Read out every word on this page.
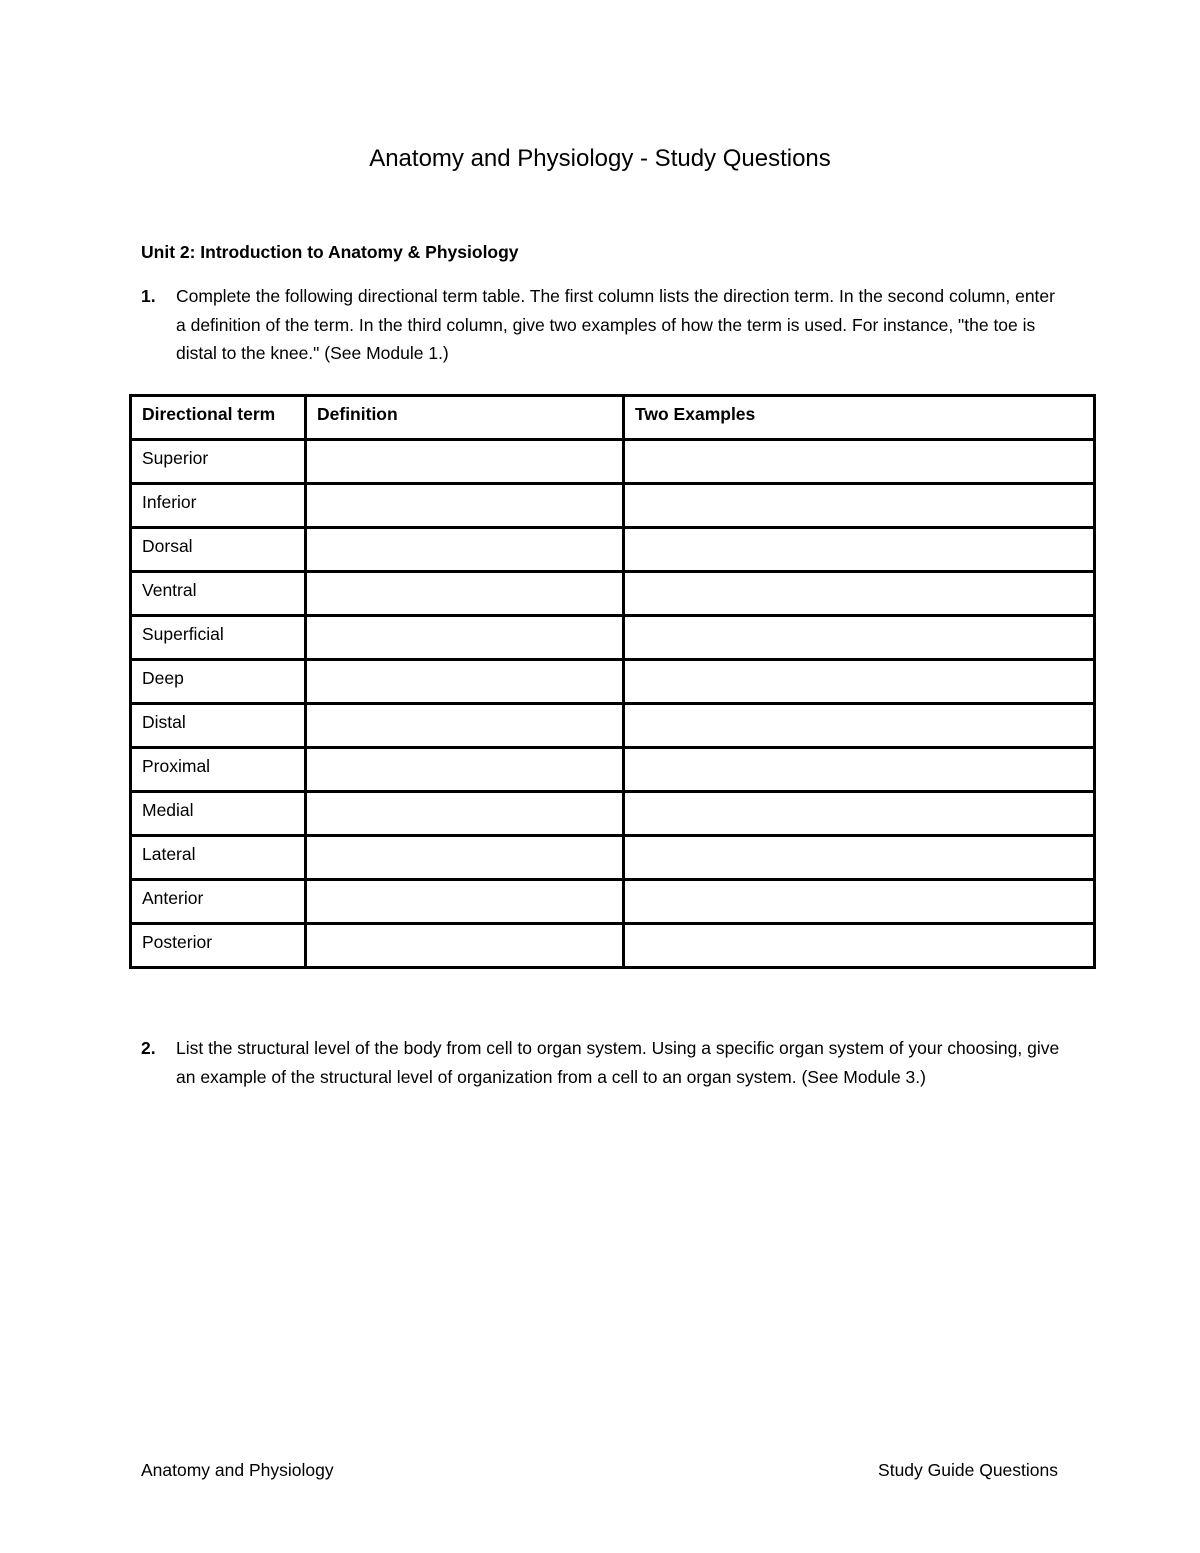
Anatomy and Physiology - Study Questions
Unit 2: Introduction to Anatomy & Physiology
1. Complete the following directional term table. The first column lists the direction term. In the second column, enter a definition of the term. In the third column, give two examples of how the term is used. For instance, "the toe is distal to the knee." (See Module 1.)
Directional term	Definition	Two Examples
Superior		
Inferior		
Dorsal		
Ventral		
Superficial		
Deep		
Distal		
Proximal		
Medial		
Lateral		
Anterior		
Posterior		
2. List the structural level of the body from cell to organ system. Using a specific organ system of your choosing, give an example of the structural level of organization from a cell to an organ system. (See Module 3.)
Anatomy and Physiology	Study Guide Questions
